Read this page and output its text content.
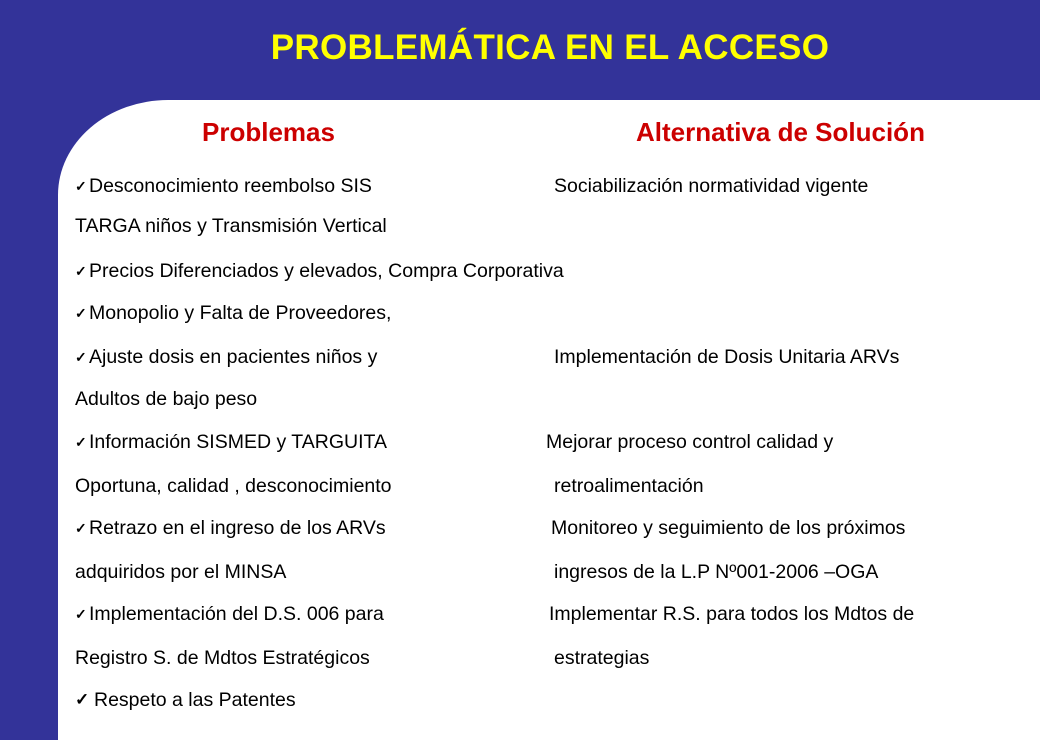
PROBLEMÁTICA EN EL ACCESO
Problemas	Alternativa de Solución
✓ Desconocimiento reembolso SIS	Sociabilización normatividad vigente
TARGA niños y Transmisión Vertical
✓ Precios Diferenciados y elevados, Compra Corporativa
✓ Monopolio y Falta de Proveedores,
✓ Ajuste dosis en pacientes niños y	Implementación de Dosis Unitaria ARVs
Adultos de bajo peso
✓ Información SISMED y TARGUITA	Mejorar proceso control calidad y
Oportuna, calidad , desconocimiento	retroalimentación
✓ Retrazo en el ingreso de los ARVs	Monitoreo y seguimiento de los próximos
adquiridos por el MINSA	ingresos de la L.P Nº001-2006 –OGA
✓ Implementación del D.S. 006 para	Implementar R.S. para todos los Mdtos de
Registro S. de Mdtos Estratégicos	estrategias
✓ Respeto a las Patentes
